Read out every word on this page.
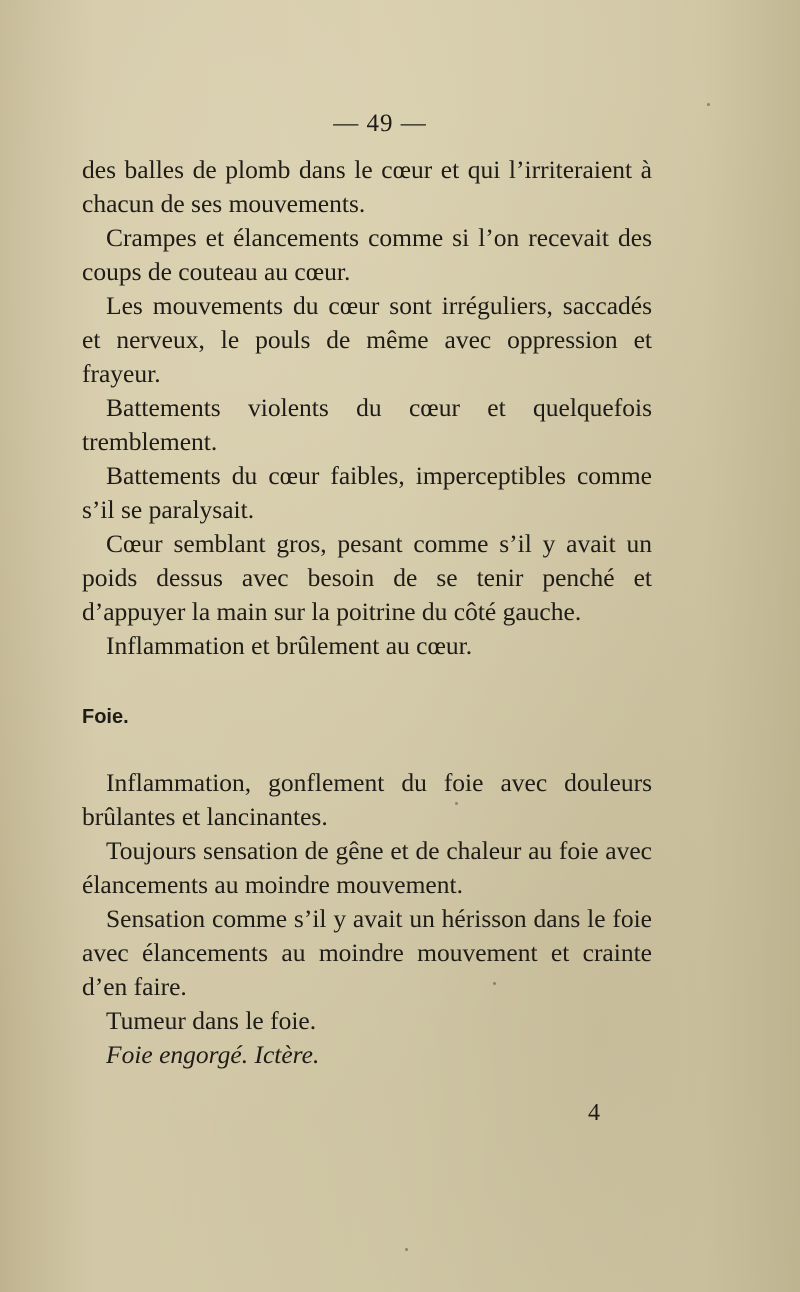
— 49 —

des balles de plomb dans le cœur et qui l’irriteraient à chacun de ses mouvements.

Crampes et élancements comme si l’on recevait des coups de couteau au cœur.

Les mouvements du cœur sont irréguliers, saccadés et nerveux, le pouls de même avec oppression et frayeur.

Battements violents du cœur et quelquefois tremblement.

Battements du cœur faibles, imperceptibles comme s’il se paralysait.

Cœur semblant gros, pesant comme s’il y avait un poids dessus avec besoin de se tenir penché et d’appuyer la main sur la poitrine du côté gauche.

Inflammation et brûlement au cœur.

Foie.

Inflammation, gonflement du foie avec douleurs brûlantes et lancinantes.

Toujours sensation de gêne et de chaleur au foie avec élancements au moindre mouvement.

Sensation comme s’il y avait un hérisson dans le foie avec élancements au moindre mouvement et crainte d’en faire.

Tumeur dans le foie.

Foie engorgé. Ictère.

4
